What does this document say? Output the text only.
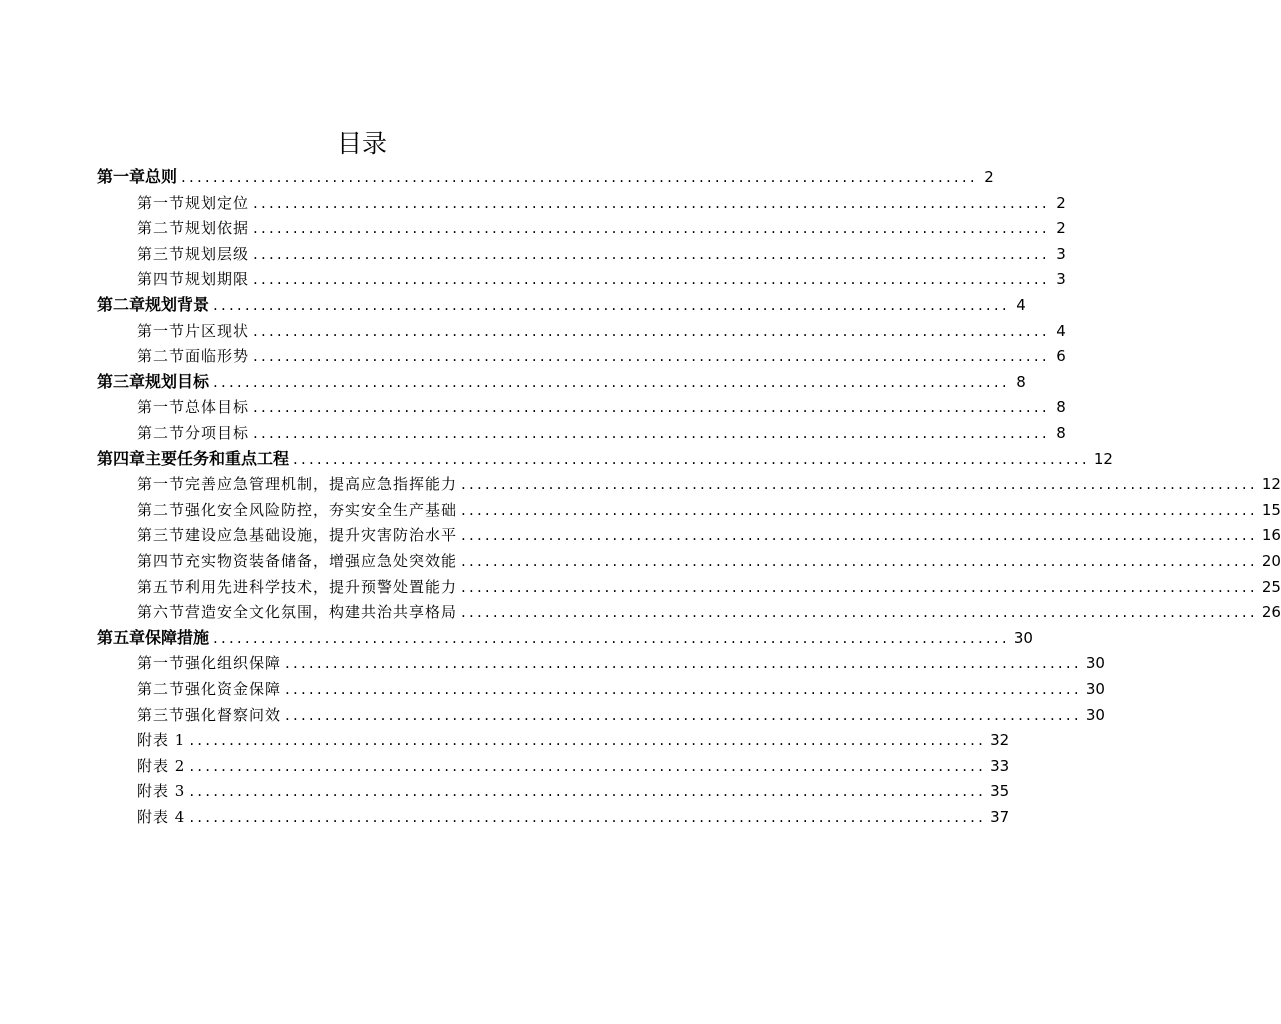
目录
第一章总则 .................................................................................................... 2
第一节规划定位 .................................................................................................... 2
第二节规划依据 .................................................................................................... 2
第三节规划层级 .................................................................................................... 3
第四节规划期限 .................................................................................................... 3
第二章规划背景 .................................................................................................... 4
第一节片区现状 .................................................................................................... 4
第二节面临形势 .................................................................................................... 6
第三章规划目标 .................................................................................................... 8
第一节总体目标 .................................................................................................... 8
第二节分项目标 .................................................................................................... 8
第四章主要任务和重点工程 .................................................................................................... 12
第一节完善应急管理机制，提高应急指挥能力 .................................................................................................... 12
第二节强化安全风险防控，夯实安全生产基础 .................................................................................................... 15
第三节建设应急基础设施，提升灾害防治水平 .................................................................................................... 16
第四节充实物资装备储备，增强应急处突效能 .................................................................................................... 20
第五节利用先进科学技术，提升预警处置能力 .................................................................................................... 25
第六节营造安全文化氛围，构建共治共享格局 .................................................................................................... 26
第五章保障措施 .................................................................................................... 30
第一节强化组织保障 .................................................................................................... 30
第二节强化资金保障 .................................................................................................... 30
第三节强化督察问效 .................................................................................................... 30
附表 1 .................................................................................................... 32
附表 2 .................................................................................................... 33
附表 3 .................................................................................................... 35
附表 4 .................................................................................................... 37
